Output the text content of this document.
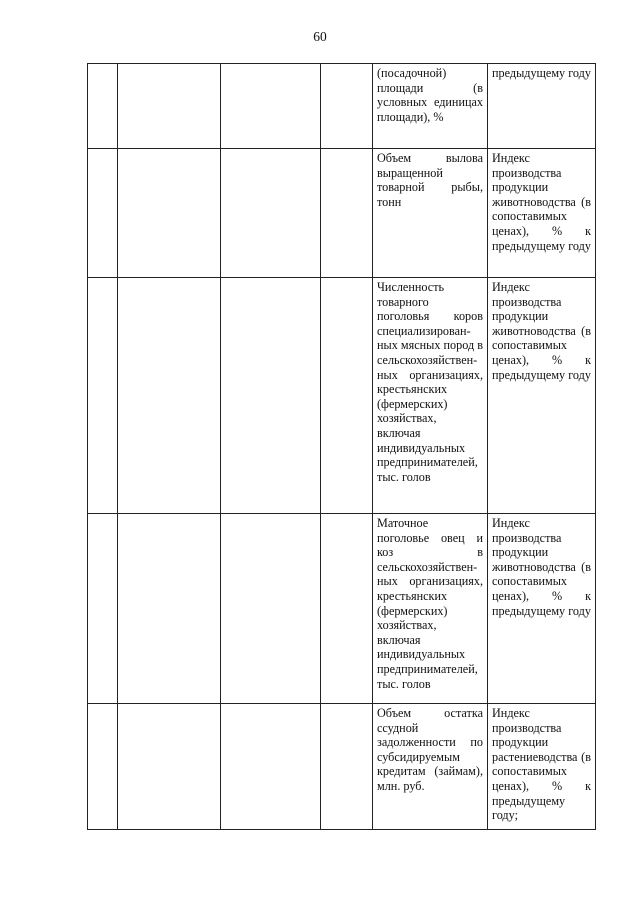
60
				(посадочной) площади (в условных единицах площади), %	предыдущему году
				Объем вылова выращенной товарной рыбы, тонн	Индекс производства продукции животноводства (в сопоставимых ценах), % к предыдущему году
				Численность товарного поголовья коров специализирован-ных мясных пород в сельскохозяйствен-ных организациях, крестьянских (фермерских) хозяйствах, включая индивидуальных предпринимателей, тыс. голов	Индекс производства продукции животноводства (в сопоставимых ценах), % к предыдущему году
				Маточное поголовье овец и коз в сельскохозяйствен-ных организациях, крестьянских (фермерских) хозяйствах, включая индивидуальных предпринимателей, тыс. голов	Индекс производства продукции животноводства (в сопоставимых ценах), % к предыдущему году
				Объем остатка ссудной задолженности по субсидируемым кредитам (займам), млн. руб.	Индекс производства продукции растениеводства (в сопоставимых ценах), % к предыдущему году;
